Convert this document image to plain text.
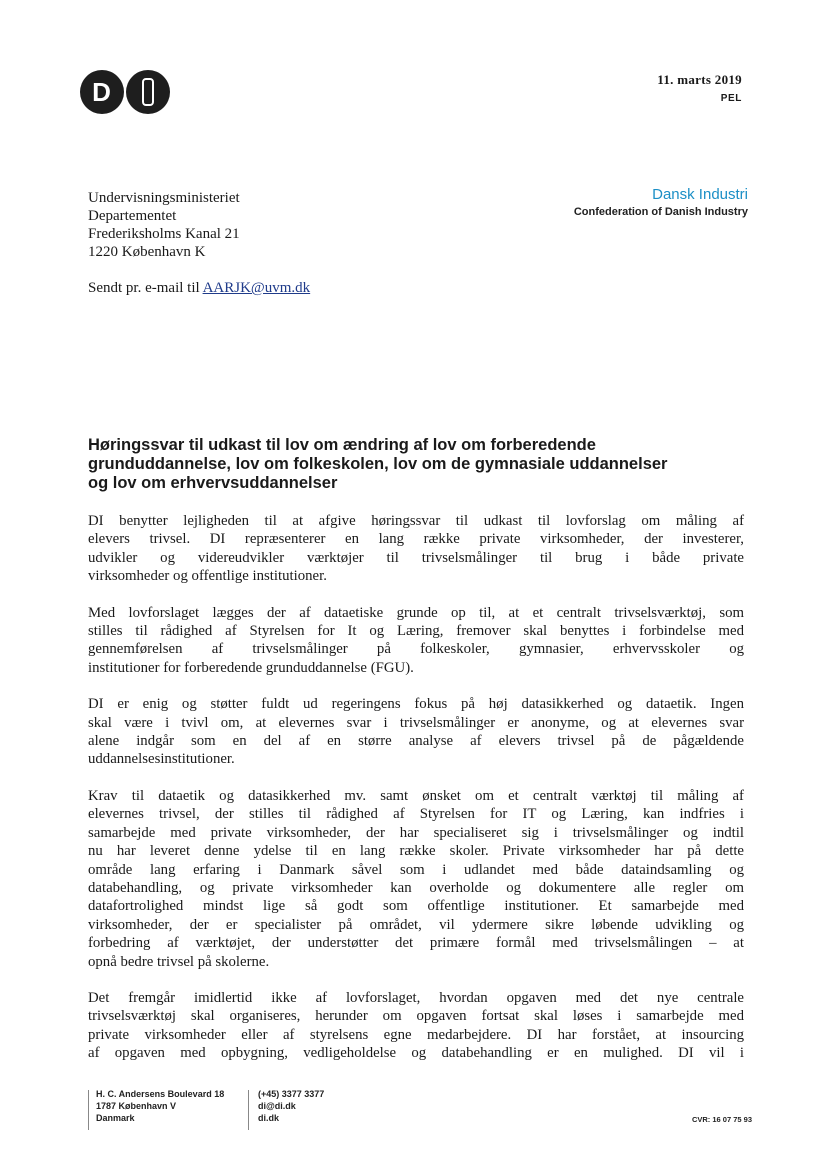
D	11. marts 2019
PEL
Undervisningsministeriet
Departementet
Frederiksholms Kanal 21
1220 København K
Dansk Industri
Confederation of Danish Industry
Sendt pr. e-mail til AARJK@uvm.dk
Høringssvar til udkast til lov om ændring af lov om forberedende
grunduddannelse, lov om folkeskolen, lov om de gymnasiale uddannelser
og lov om erhvervsuddannelser
DI benytter lejligheden til at afgive høringssvar til udkast til lovforslag om måling af
elevers trivsel. DI repræsenterer en lang række private virksomheder, der investerer,
udvikler og videreudvikler værktøjer til trivselsmålinger til brug i både private
virksomheder og offentlige institutioner.
Med lovforslaget lægges der af dataetiske grunde op til, at et centralt trivselsværktøj, som
stilles til rådighed af Styrelsen for It og Læring, fremover skal benyttes i forbindelse med
gennemførelsen af trivselsmålinger på folkeskoler, gymnasier, erhvervsskoler og
institutioner for forberedende grunduddannelse (FGU).
DI er enig og støtter fuldt ud regeringens fokus på høj datasikkerhed og dataetik. Ingen
skal være i tvivl om, at elevernes svar i trivselsmålinger er anonyme, og at elevernes svar
alene indgår som en del af en større analyse af elevers trivsel på de pågældende
uddannelsesinstitutioner.
Krav til dataetik og datasikkerhed mv. samt ønsket om et centralt værktøj til måling af
elevernes trivsel, der stilles til rådighed af Styrelsen for IT og Læring, kan indfries i
samarbejde med private virksomheder, der har specialiseret sig i trivselsmålinger og indtil
nu har leveret denne ydelse til en lang række skoler. Private virksomheder har på dette
område lang erfaring i Danmark såvel som i udlandet med både dataindsamling og
databehandling, og private virksomheder kan overholde og dokumentere alle regler om
datafortrolighed mindst lige så godt som offentlige institutioner. Et samarbejde med
virksomheder, der er specialister på området, vil ydermere sikre løbende udvikling og
forbedring af værktøjet, der understøtter det primære formål med trivselsmålingen – at
opnå bedre trivsel på skolerne.
Det fremgår imidlertid ikke af lovforslaget, hvordan opgaven med det nye centrale
trivselsværktøj skal organiseres, herunder om opgaven fortsat skal løses i samarbejde med
private virksomheder eller af styrelsens egne medarbejdere. DI har forstået, at insourcing
af opgaven med opbygning, vedligeholdelse og databehandling er en mulighed. DI vil i
H. C. Andersens Boulevard 18
1787 København V
Danmark
(+45) 3377 3377
di@di.dk
di.dk	CVR: 16 07 75 93
